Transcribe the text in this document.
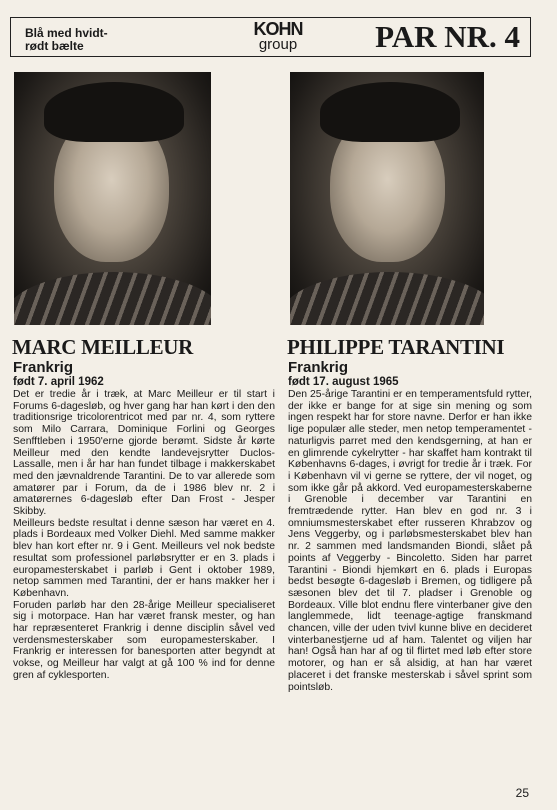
Blå med hvidt-
rødt bælte
KOHN
group	PAR NR. 4
MARC MEILLEUR
Frankrig
født 7. april 1962

Det er tredie år i træk, at Marc Meilleur er til start i Forums 6-dagesløb, og hver gang har han kørt i den den traditionsrige tricolorentricot med par nr. 4, som ryttere som Milo Carrara, Dominique Forlini og Georges Senfftleben i 1950'erne gjorde berømt. Sidste år kørte Meilleur med den kendte landevejsrytter Duclos-Lassalle, men i år har han fundet tilbage i makkerskabet med den jævnaldrende Tarantini. De to var allerede som amatører par i Forum, da de i 1986 blev nr. 2 i amatørernes 6-dagesløb efter Dan Frost - Jesper Skibby.

Meilleurs bedste resultat i denne sæson har været en 4. plads i Bordeaux med Volker Diehl. Med samme makker blev han kort efter nr. 9 i Gent. Meilleurs vel nok bedste resultat som professionel parløbsrytter er en 3. plads i europamesterskabet i parløb i Gent i oktober 1989, netop sammen med Tarantini, der er hans makker her i København.

Foruden parløb har den 28-årige Meilleur specialiseret sig i motorpace. Han har været fransk mester, og han har repræsenteret Frankrig i denne disciplin såvel ved verdensmesterskaber som europamesterskaber. I Frankrig er interessen for banesporten atter begyndt at vokse, og Meilleur har valgt at gå 100 % ind for denne gren af cyklesporten.

PHILIPPE TARANTINI
Frankrig
født 17. august 1965

Den 25-årige Tarantini er en temperamentsfuld rytter, der ikke er bange for at sige sin mening og som ingen respekt har for store navne. Derfor er han ikke lige populær alle steder, men netop temperamentet - naturligvis parret med den kendsgerning, at han er en glimrende cykelrytter - har skaffet ham kontrakt til Københavns 6-dages, i øvrigt for tredie år i træk. For i København vil vi gerne se ryttere, der vil noget, og som ikke går på akkord. Ved europamesterskaberne i Grenoble i december var Tarantini en fremtrædende rytter. Han blev en god nr. 3 i omniumsmesterskabet efter russeren Khrabzov og Jens Veggerby, og i parløbsmesterskabet blev han nr. 2 sammen med landsmanden Biondi, slået på points af Veggerby - Bincoletto. Siden har parret Tarantini - Biondi hjemkørt en 6. plads i Europas bedst besøgte 6-dagesløb i Bremen, og tidligere på sæsonen blev det til 7. pladser i Grenoble og Bordeaux. Ville blot endnu flere vinterbaner give den langlemmede, lidt teenage-agtige franskmand chancen, ville der uden tvivl kunne blive en decideret vinterbanestjerne ud af ham. Talentet og viljen har han! Også han har af og til flirtet med løb efter store motorer, og han er så alsidig, at han har været placeret i det franske mesterskab i såvel sprint som pointsløb.

25
